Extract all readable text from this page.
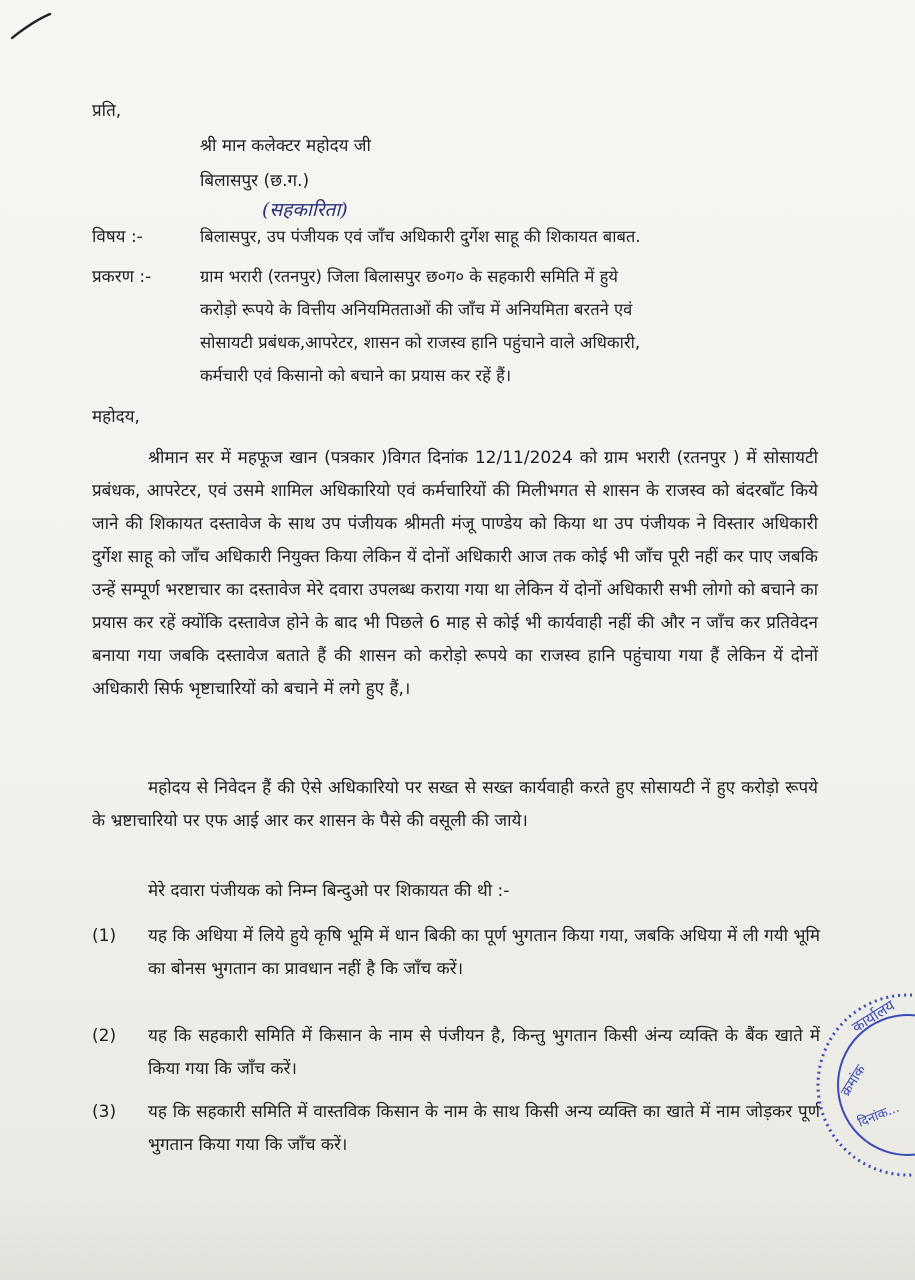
प्रति,
श्री मान कलेक्टर महोदय जी
बिलासपुर (छ.ग.)
(सहकारिता)
विषय :-	बिलासपुर, उप पंजीयक एवं जाँच अधिकारी दुर्गेश साहू की शिकायत बाबत.
प्रकरण :-	ग्राम भरारी (रतनपुर) जिला बिलासपुर छ०ग० के सहकारी समिति में हुये
करोड़ो रूपये के वित्तीय अनियमितताओं की जाँच में अनियमिता बरतने एवं
सोसायटी प्रबंधक,आपरेटर, शासन को राजस्व हानि पहुंचाने वाले अधिकारी,
कर्मचारी एवं किसानो को बचाने का प्रयास कर रहें हैं।
महोदय,
श्रीमान सर में महफूज खान (पत्रकार )विगत दिनांक 12/11/2024 को ग्राम भरारी (रतनपुर ) में सोसायटी प्रबंधक, आपरेटर, एवं उसमे शामिल अधिकारियो एवं कर्मचारियों की मिलीभगत से शासन के राजस्व को बंदरबाँट किये जाने की शिकायत दस्तावेज के साथ उप पंजीयक श्रीमती मंजू पाण्डेय को किया था उप पंजीयक ने विस्तार अधिकारी दुर्गेश साहू को जाँच अधिकारी नियुक्त किया लेकिन यें दोनों अधिकारी आज तक कोई भी जाँच पूरी नहीं कर पाए जबकि उन्हें सम्पूर्ण भरष्टाचार का दस्तावेज मेरे दवारा उपलब्ध कराया गया था लेकिन यें दोनों अधिकारी सभी लोगो को बचाने का प्रयास कर रहें क्योंकि दस्तावेज होने के बाद भी पिछले 6 माह से कोई भी कार्यवाही नहीं की और न जाँच कर प्रतिवेदन बनाया गया जबकि दस्तावेज बताते हैं की शासन को करोड़ो रूपये का राजस्व हानि पहुंचाया गया हैं लेकिन यें दोनों अधिकारी सिर्फ भृष्टाचारियों को बचाने में लगे हुए हैं,।
महोदय से निवेदन हैं की ऐसे अधिकारियो पर सख्त से सख्त कार्यवाही करते हुए सोसायटी नें हुए करोड़ो रूपये के भ्रष्टाचारियो पर एफ आई आर कर शासन के पैसे की वसूली की जाये।
मेरे दवारा पंजीयक को निम्न बिन्दुओ पर शिकायत की थी :-
(1) यह कि अधिया में लिये हुये कृषि भूमि में धान बिकी का पूर्ण भुगतान किया गया, जबकि अधिया में ली गयी भूमि का बोनस भुगतान का प्रावधान नहीं है कि जाँच करें।
(2) यह कि सहकारी समिति में किसान के नाम से पंजीयन है, किन्तु भुगतान किसी अंन्य व्यक्ति के बैंक खाते में किया गया कि जाँच करें।
(3) यह कि सहकारी समिति में वास्तविक किसान के नाम के साथ किसी अन्य व्यक्ति का खाते में नाम जोड़कर पूर्ण भुगतान किया गया कि जाँच करें।
कार्यालय
क्रमांक
दिनांक...
